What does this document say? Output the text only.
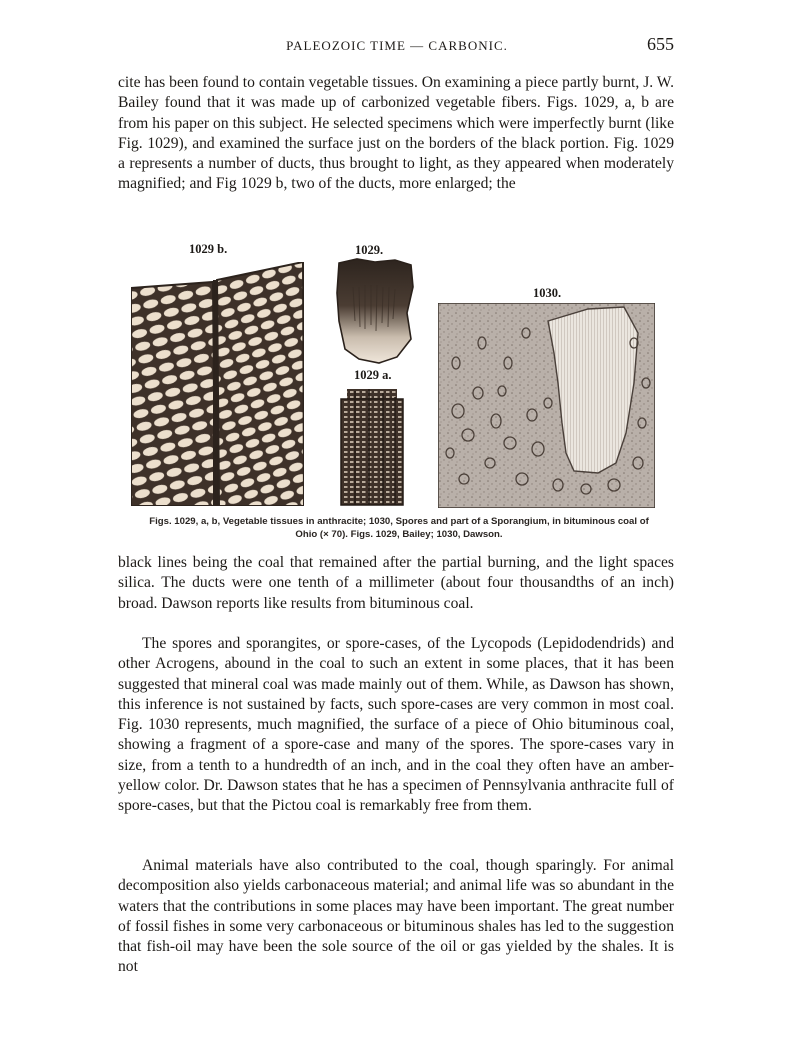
PALEOZOIC TIME — CARBONIC.	655

cite has been found to contain vegetable tissues. On examining a piece partly burnt, J. W. Bailey found that it was made up of carbonized vegetable fibers. Figs. 1029, a, b are from his paper on this subject. He selected specimens which were imperfectly burnt (like Fig. 1029), and examined the surface just on the borders of the black portion. Fig. 1029 a represents a number of ducts, thus brought to light, as they appeared when moderately magnified; and Fig 1029 b, two of the ducts, more enlarged; the

1029 b.	1029.
1029 a.
1030.
Figs. 1029, a, b, Vegetable tissues in anthracite; 1030, Spores and part of a Sporangium, in bituminous coal of
Ohio (× 70). Figs. 1029, Bailey; 1030, Dawson.

black lines being the coal that remained after the partial burning, and the light spaces silica. The ducts were one tenth of a millimeter (about four thousandths of an inch) broad. Dawson reports like results from bituminous coal.

The spores and sporangites, or spore-cases, of the Lycopods (Lepidodendrids) and other Acrogens, abound in the coal to such an extent in some places, that it has been suggested that mineral coal was made mainly out of them. While, as Dawson has shown, this inference is not sustained by facts, such spore-cases are very common in most coal. Fig. 1030 represents, much magnified, the surface of a piece of Ohio bituminous coal, showing a fragment of a spore-case and many of the spores. The spore-cases vary in size, from a tenth to a hundredth of an inch, and in the coal they often have an amber-yellow color. Dr. Dawson states that he has a specimen of Pennsylvania anthracite full of spore-cases, but that the Pictou coal is remarkably free from them.

Animal materials have also contributed to the coal, though sparingly. For animal decomposition also yields carbonaceous material; and animal life was so abundant in the waters that the contributions in some places may have been important. The great number of fossil fishes in some very carbonaceous or bituminous shales has led to the suggestion that fish-oil may have been the sole source of the oil or gas yielded by the shales. It is not
